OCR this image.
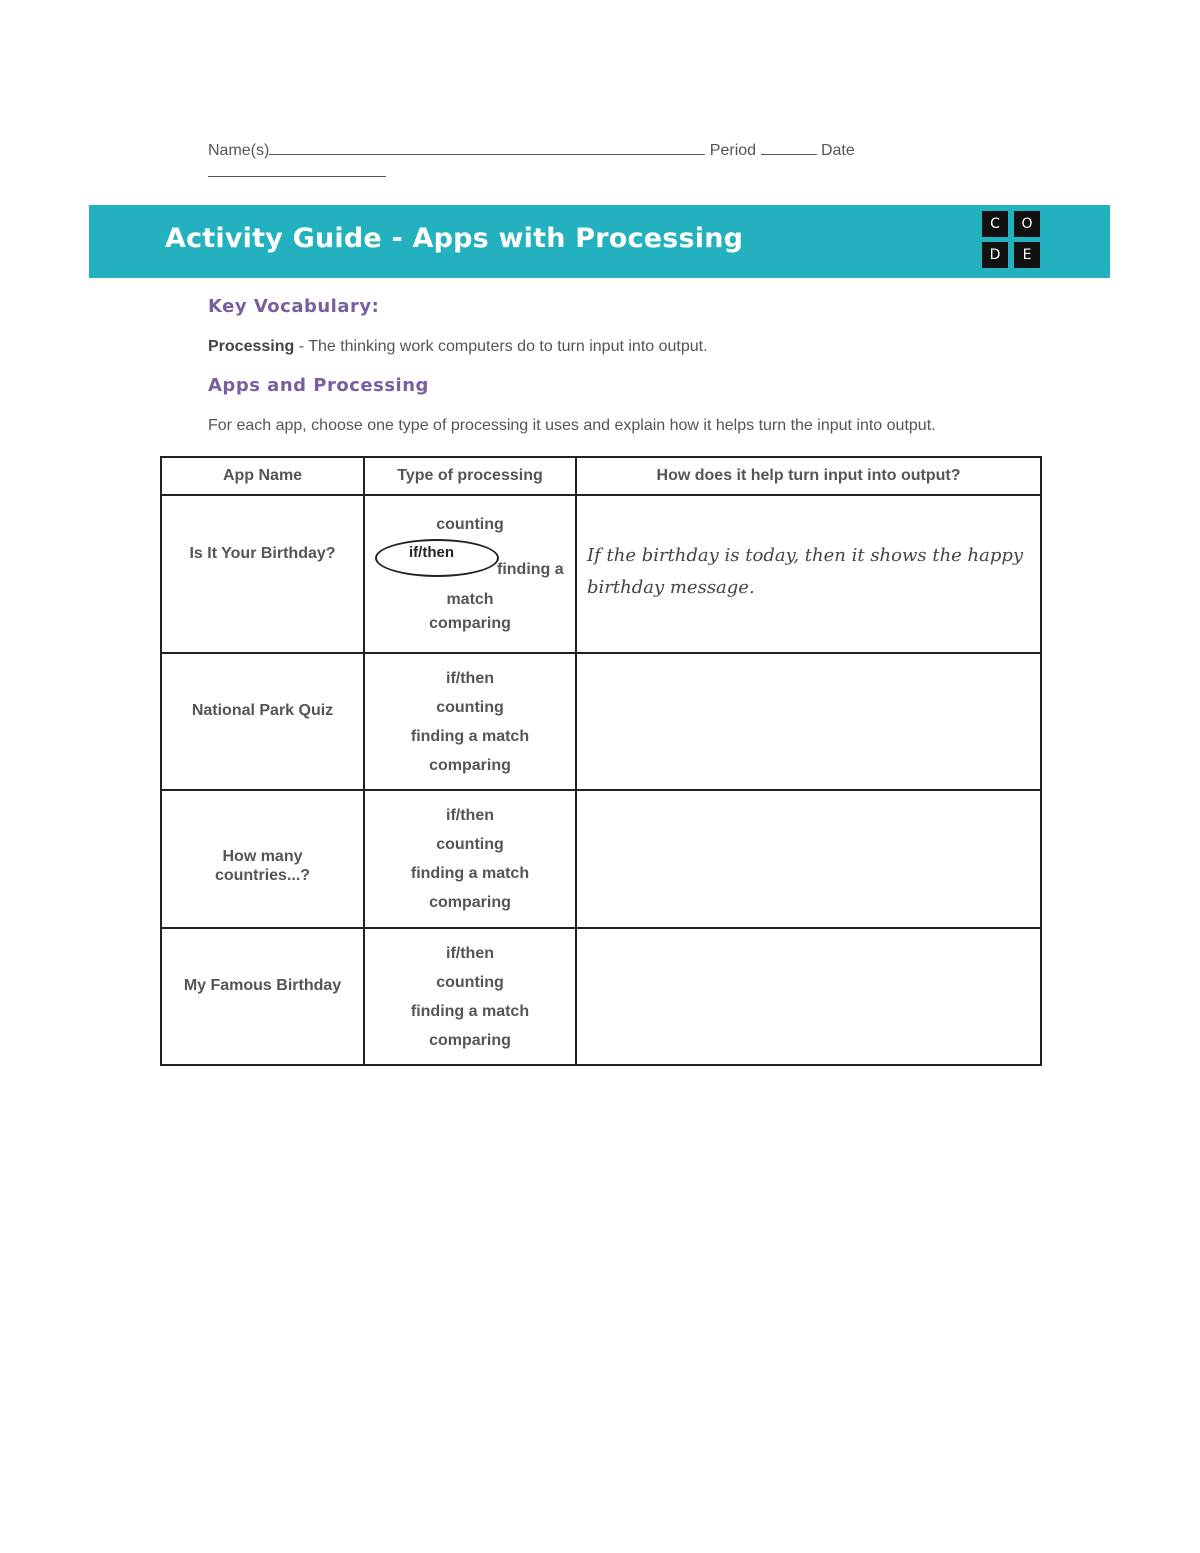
Name(s)	Period	Date
Activity Guide - Apps with Processing	C	O
D	E
Key Vocabulary:
Processing - The thinking work computers do to turn input into output.
Apps and Processing
For each app, choose one type of processing it uses and explain how it helps turn the input into output.
App Name	Type of processing	How does it help turn input into output?

Is It Your Birthday?	counting
if/then
finding a
match
comparing	If the birthday is today, then it shows the happy birthday message.

National Park Quiz	if/then
counting
finding a match
comparing	

How many countries...?	if/then
counting
finding a match
comparing	

My Famous Birthday	if/then
counting
finding a match
comparing	
